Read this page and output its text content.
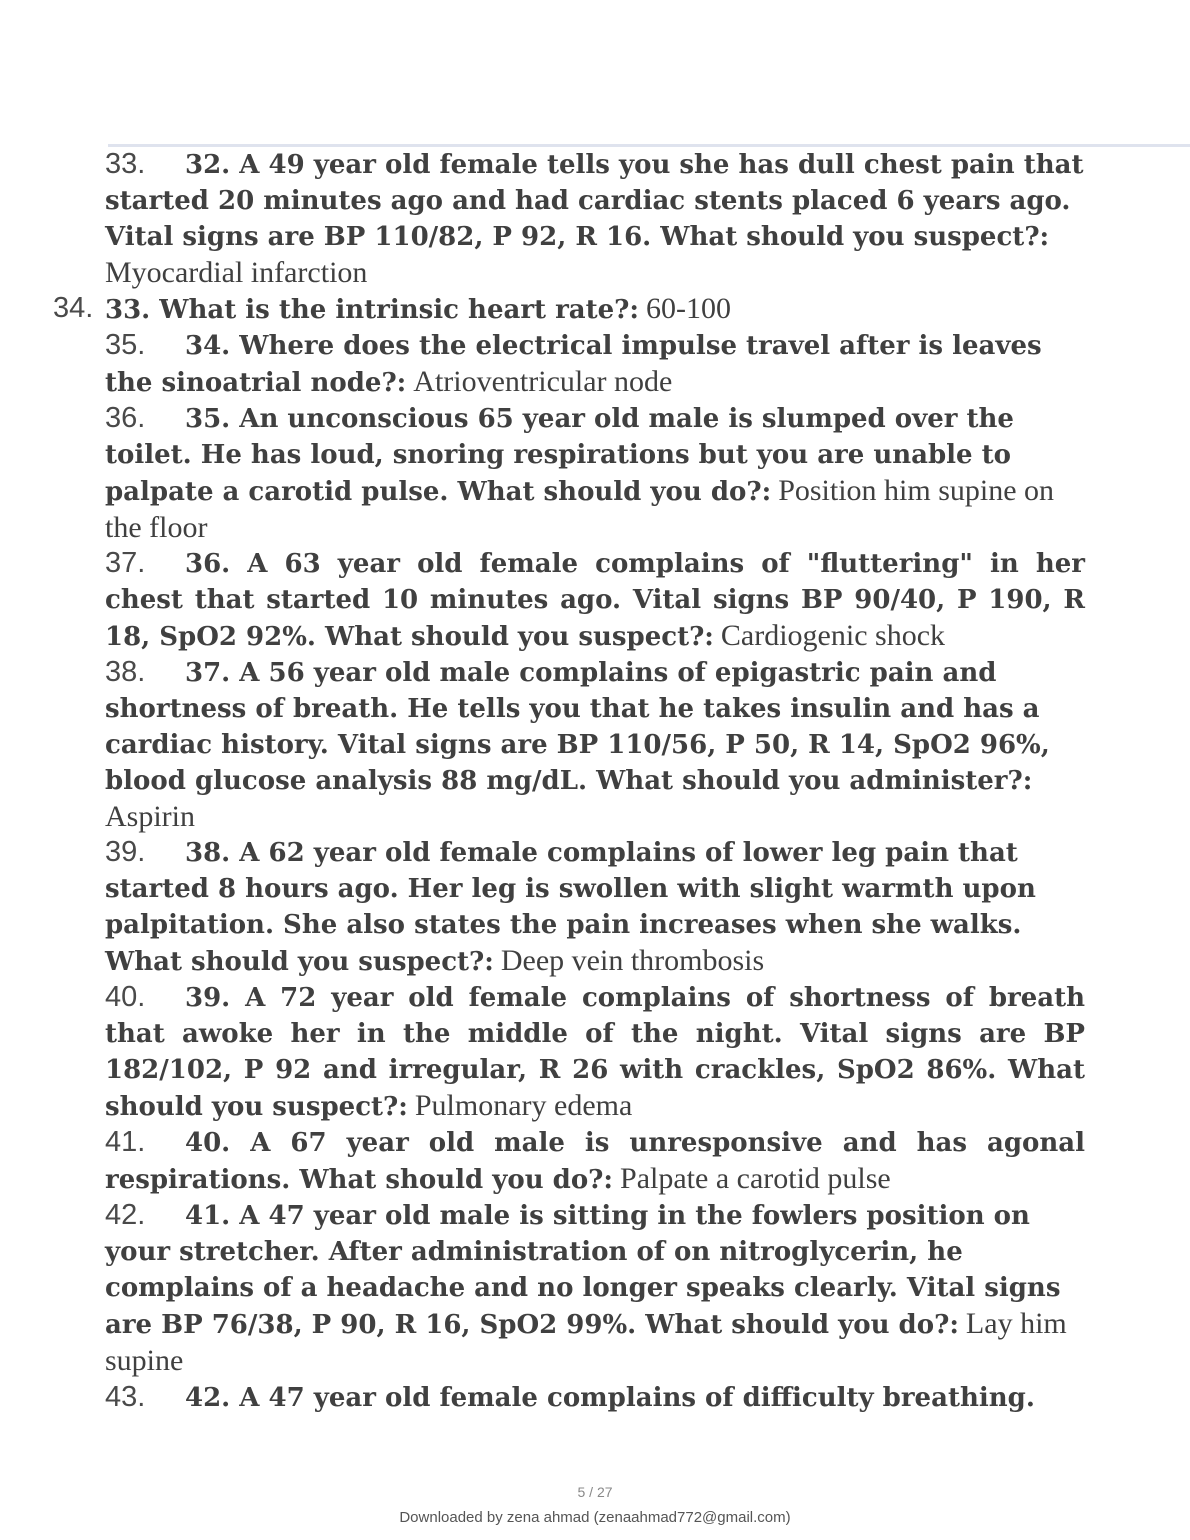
33. 32. A 49 year old female tells you she has dull chest pain that started 20 minutes ago and had cardiac stents placed 6 years ago. Vital signs are BP 110/82, P 92, R 16. What should you suspect?: Myocardial infarction

34. 33. What is the intrinsic heart rate?: 60-100

35. 34. Where does the electrical impulse travel after is leaves the sinoatrial node?: Atrioventricular node

36. 35. An unconscious 65 year old male is slumped over the toilet. He has loud, snoring respirations but you are unable to palpate a carotid pulse. What should you do?: Position him supine on the floor

37. 36. A 63 year old female complains of "fluttering" in her chest that started 10 minutes ago. Vital signs BP 90/40, P 190, R 18, SpO2 92%. What should you suspect?: Cardiogenic shock

38. 37. A 56 year old male complains of epigastric pain and shortness of breath. He tells you that he takes insulin and has a cardiac history. Vital signs are BP 110/56, P 50, R 14, SpO2 96%, blood glucose analysis 88 mg/dL. What should you administer?: Aspirin

39. 38. A 62 year old female complains of lower leg pain that started 8 hours ago. Her leg is swollen with slight warmth upon palpitation. She also states the pain increases when she walks. What should you suspect?: Deep vein thrombosis

40. 39. A 72 year old female complains of shortness of breath that awoke her in the middle of the night. Vital signs are BP 182/102, P 92 and irregular, R 26 with crackles, SpO2 86%. What should you suspect?: Pulmonary edema

41. 40. A 67 year old male is unresponsive and has agonal respirations. What should you do?: Palpate a carotid pulse

42. 41. A 47 year old male is sitting in the fowlers position on your stretcher. After administration of on nitroglycerin, he complains of a headache and no longer speaks clearly. Vital signs are BP 76/38, P 90, R 16, SpO2 99%. What should you do?: Lay him supine

43. 42. A 47 year old female complains of difficulty breathing.

5 / 27
Downloaded by zena ahmad (zenaahmad772@gmail.com)
